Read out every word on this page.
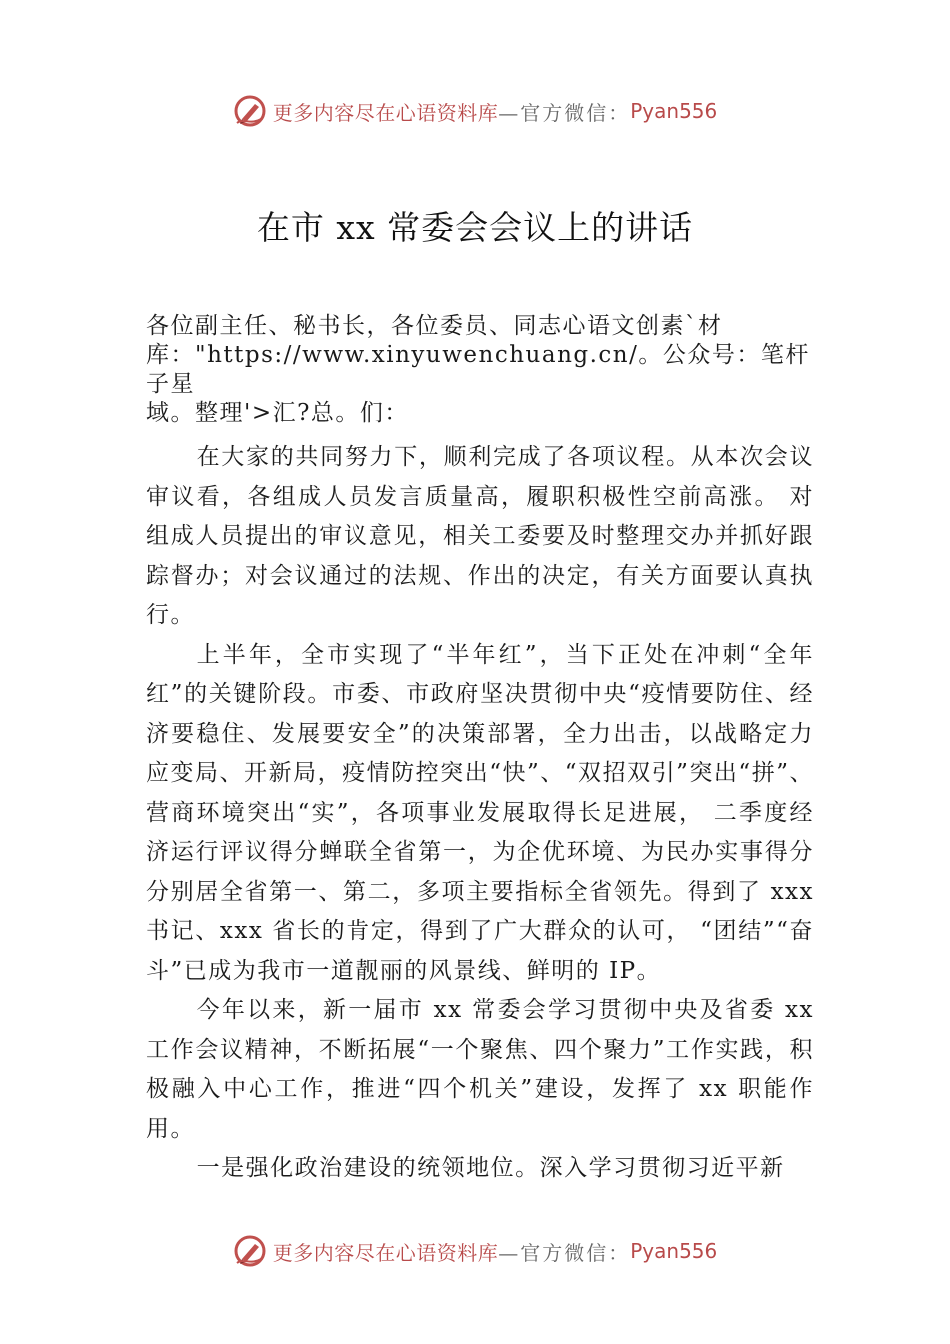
更多内容尽在心语资料库 —官方微信： Pyan556
在市 xx 常委会会议上的讲话
各位副主任、秘书长，各位委员、同志心语文创素`材
库："https://www.xinyuwenchuang.cn/。公众号：笔杆子星
域。整理'>汇?总。们：

在大家的共同努力下，顺利完成了各项议程。从本次会议审议看，各组成人员发言质量高，履职积极性空前高涨。 对组成人员提出的审议意见，相关工委要及时整理交办并抓好跟踪督办；对会议通过的法规、作出的决定，有关方面要认真执行。

上半年，全市实现了“半年红”，当下正处在冲刺“全年红”的关键阶段。市委、市政府坚决贯彻中央“疫情要防住、经济要稳住、发展要安全”的决策部署，全力出击，以战略定力应变局、开新局，疫情防控突出“快”、“双招双引”突出“拼”、营商环境突出“实”，各项事业发展取得长足进展， 二季度经济运行评议得分蝉联全省第一，为企优环境、为民办实事得分分别居全省第一、第二，多项主要指标全省领先。得到了 xxx 书记、xxx 省长的肯定，得到了广大群众的认可， “团结”“奋斗”已成为我市一道靓丽的风景线、鲜明的 IP。

今年以来，新一届市 xx 常委会学习贯彻中央及省委 xx 工作会议精神，不断拓展“一个聚焦、四个聚力”工作实践，积极融入中心工作，推进“四个机关”建设，发挥了 xx 职能作用。

一是强化政治建设的统领地位。深入学习贯彻习近平新

更多内容尽在心语资料库 —官方微信： Pyan556
